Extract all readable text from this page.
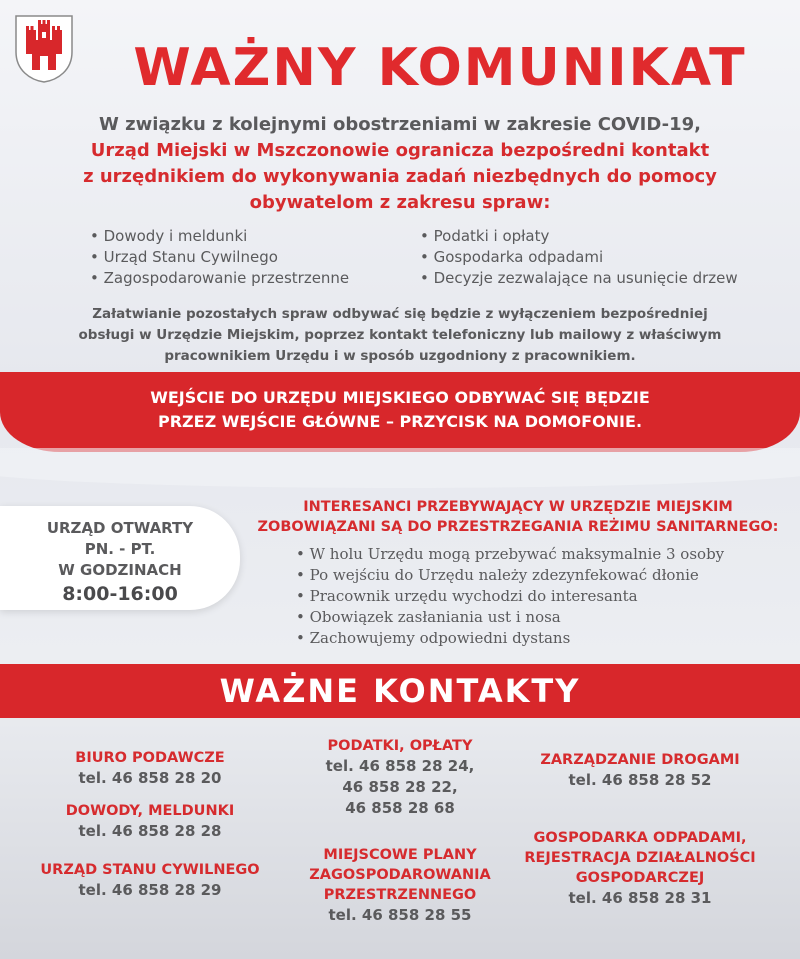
WAŻNY KOMUNIKAT
W związku z kolejnymi obostrzeniami w zakresie COVID-19,
Urząd Miejski w Mszczonowie ogranicza bezpośredni kontakt
z urzędnikiem do wykonywania zadań niezbędnych do pomocy
obywatelom z zakresu spraw:
• Dowody i meldunki
• Urząd Stanu Cywilnego
• Zagospodarowanie przestrzenne
• Podatki i opłaty
• Gospodarka odpadami
• Decyzje zezwalające na usunięcie drzew
Załatwianie pozostałych spraw odbywać się będzie z wyłączeniem bezpośredniej
obsługi w Urzędzie Miejskim, poprzez kontakt telefoniczny lub mailowy z właściwym
pracownikiem Urzędu i w sposób uzgodniony z pracownikiem.
WEJŚCIE DO URZĘDU MIEJSKIEGO ODBYWAĆ SIĘ BĘDZIE
PRZEZ WEJŚCIE GŁÓWNE – PRZYCISK NA DOMOFONIE.
URZĄD OTWARTY
PN. - PT.
W GODZINACH
8:00-16:00
INTERESANCI PRZEBYWAJĄCY W URZĘDZIE MIEJSKIM
ZOBOWIĄZANI SĄ DO PRZESTRZEGANIA REŻIMU SANITARNEGO:
• W holu Urzędu mogą przebywać maksymalnie 3 osoby
• Po wejściu do Urzędu należy zdezynfekować dłonie
• Pracownik urzędu wychodzi do interesanta
• Obowiązek zasłaniania ust i nosa
• Zachowujemy odpowiedni dystans
WAŻNE KONTAKTY
BIURO PODAWCZE
tel. 46 858 28 20
DOWODY, MELDUNKI
tel. 46 858 28 28
URZĄD STANU CYWILNEGO
tel. 46 858 28 29
PODATKI, OPŁATY
tel. 46 858 28 24,
46 858 28 22,
46 858 28 68
MIEJSCOWE PLANY
ZAGOSPODAROWANIA
PRZESTRZENNEGO
tel. 46 858 28 55
ZARZĄDZANIE DROGAMI
tel. 46 858 28 52
GOSPODARKA ODPADAMI,
REJESTRACJA DZIAŁALNOŚCI
GOSPODARCZEJ
tel. 46 858 28 31
